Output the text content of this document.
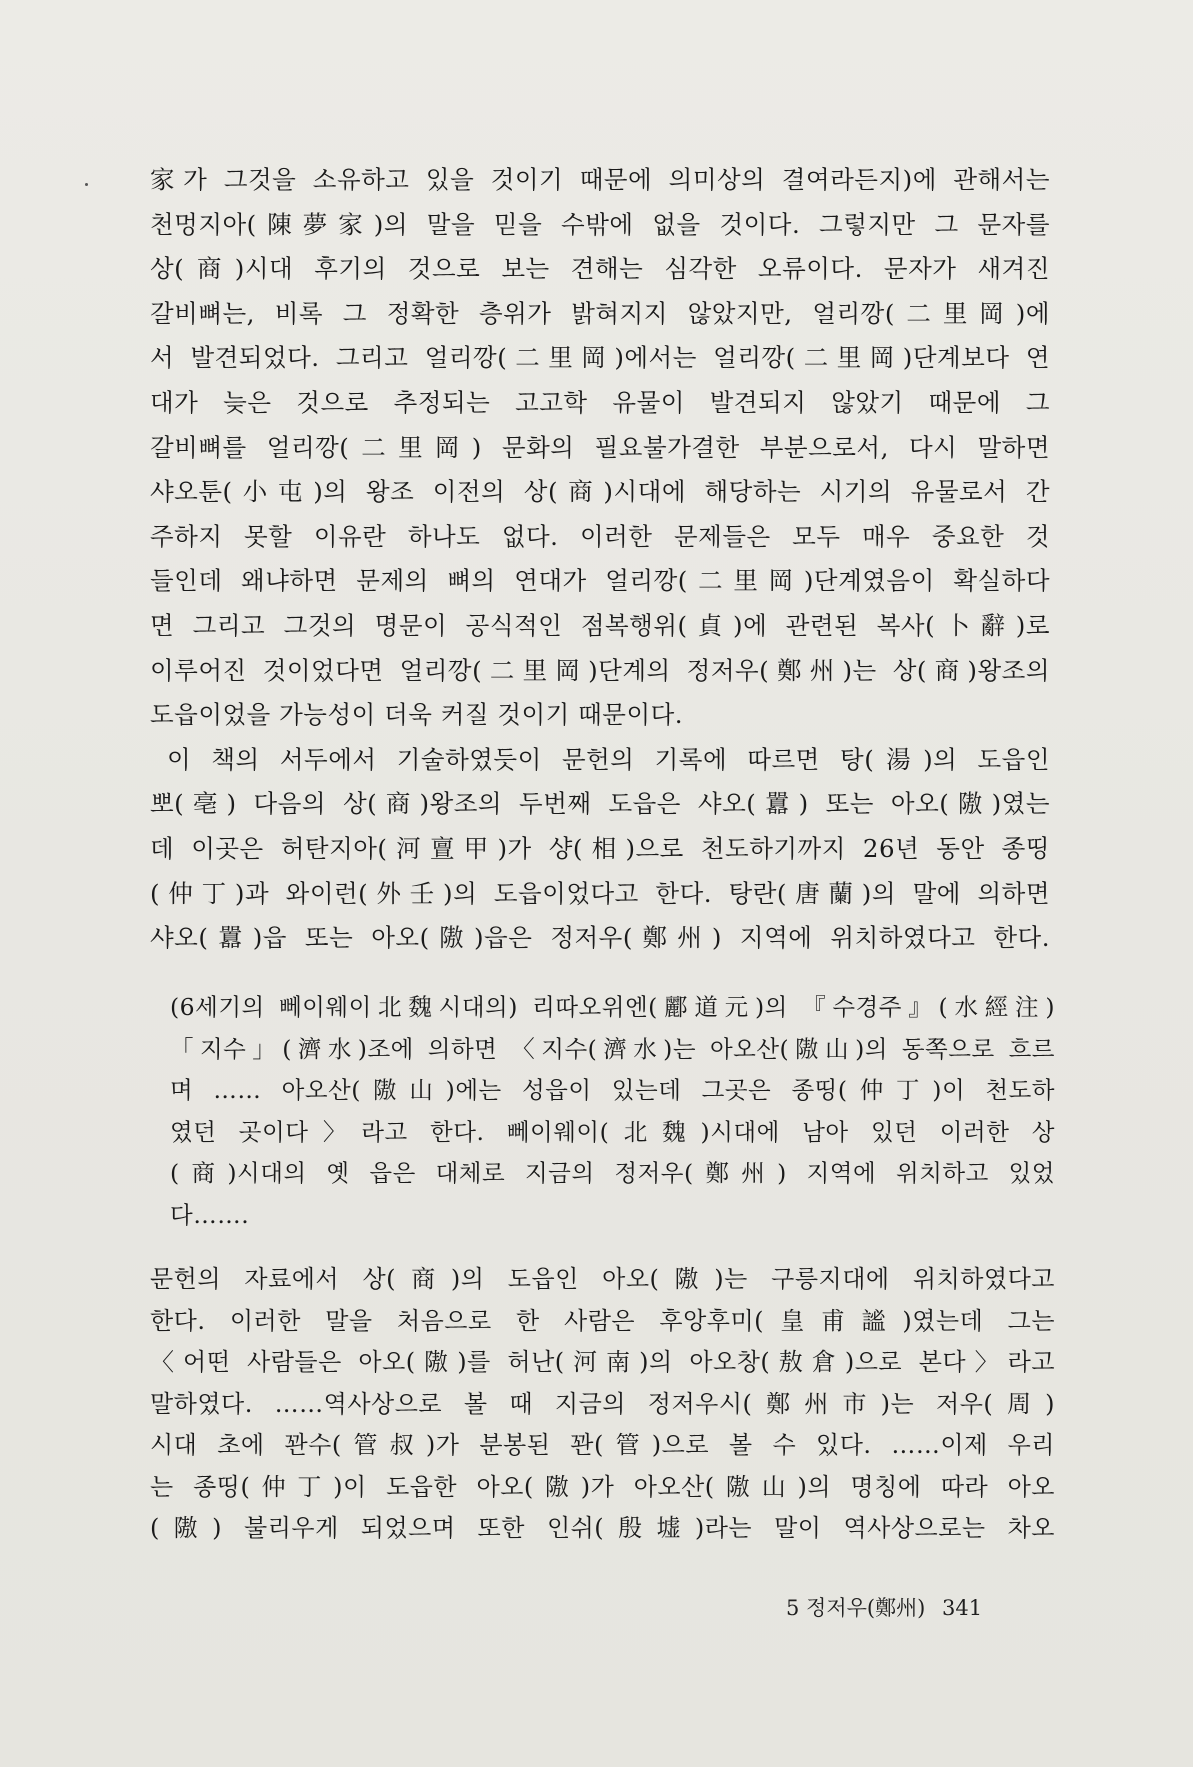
家가 그것을 소유하고 있을 것이기 때문에 의미상의 결여라든지)에 관해서는
천멍지아(陳夢家)의 말을 믿을 수밖에 없을 것이다. 그렇지만 그 문자를
상(商)시대 후기의 것으로 보는 견해는 심각한 오류이다. 문자가 새겨진
갈비뼈는, 비록 그 정확한 층위가 밝혀지지 않았지만, 얼리깡(二里岡)에
서 발견되었다. 그리고 얼리깡(二里岡)에서는 얼리깡(二里岡)단계보다 연
대가 늦은 것으로 추정되는 고고학 유물이 발견되지 않았기 때문에 그
갈비뼈를 얼리깡(二里岡) 문화의 필요불가결한 부분으로서, 다시 말하면
샤오툰(小屯)의 왕조 이전의 상(商)시대에 해당하는 시기의 유물로서 간
주하지 못할 이유란 하나도 없다. 이러한 문제들은 모두 매우 중요한 것
들인데 왜냐하면 문제의 뼈의 연대가 얼리깡(二里岡)단계였음이 확실하다
면 그리고 그것의 명문이 공식적인 점복행위(貞)에 관련된 복사(卜辭)로
이루어진 것이었다면 얼리깡(二里岡)단계의 정저우(鄭州)는 상(商)왕조의
도읍이었을 가능성이 더욱 커질 것이기 때문이다.
이 책의 서두에서 기술하였듯이 문헌의 기록에 따르면 탕(湯)의 도읍인
뽀(亳) 다음의 상(商)왕조의 두번째 도읍은 샤오(囂) 또는 아오(隞)였는
데 이곳은 허탄지아(河亶甲)가 샹(相)으로 천도하기까지 26년 동안 종띵
(仲丁)과 와이런(外壬)의 도읍이었다고 한다. 탕란(唐蘭)의 말에 의하면
샤오(囂)읍 또는 아오(隞)읍은 정저우(鄭州) 지역에 위치하였다고 한다.
(6세기의 뻬이웨이北魏시대의) 리따오위엔(酈道元)의 『수경주』(水經注)
「지수」(濟水)조에 의하면 〈지수(濟水)는 아오산(隞山)의 동쪽으로 흐르
며 …… 아오산(隞山)에는 성읍이 있는데 그곳은 종띵(仲丁)이 천도하
였던 곳이다〉라고 한다. 뻬이웨이(北魏)시대에 남아 있던 이러한 상
(商)시대의 옛 읍은 대체로 지금의 정저우(鄭州) 지역에 위치하고 있었
다…….
문헌의 자료에서 상(商)의 도읍인 아오(隞)는 구릉지대에 위치하였다고
한다. 이러한 말을 처음으로 한 사람은 후앙후미(皇甫謐)였는데 그는
〈어떤 사람들은 아오(隞)를 허난(河南)의 아오창(敖倉)으로 본다〉라고
말하였다. ……역사상으로 볼 때 지금의 정저우시(鄭州市)는 저우(周)
시대 초에 꽌수(管叔)가 분봉된 꽌(管)으로 볼 수 있다. ……이제 우리
는 종띵(仲丁)이 도읍한 아오(隞)가 아오산(隞山)의 명칭에 따라 아오
(隞) 불리우게 되었으며 또한 인쉬(殷墟)라는 말이 역사상으로는 차오
5 정저우(鄭州) 341
